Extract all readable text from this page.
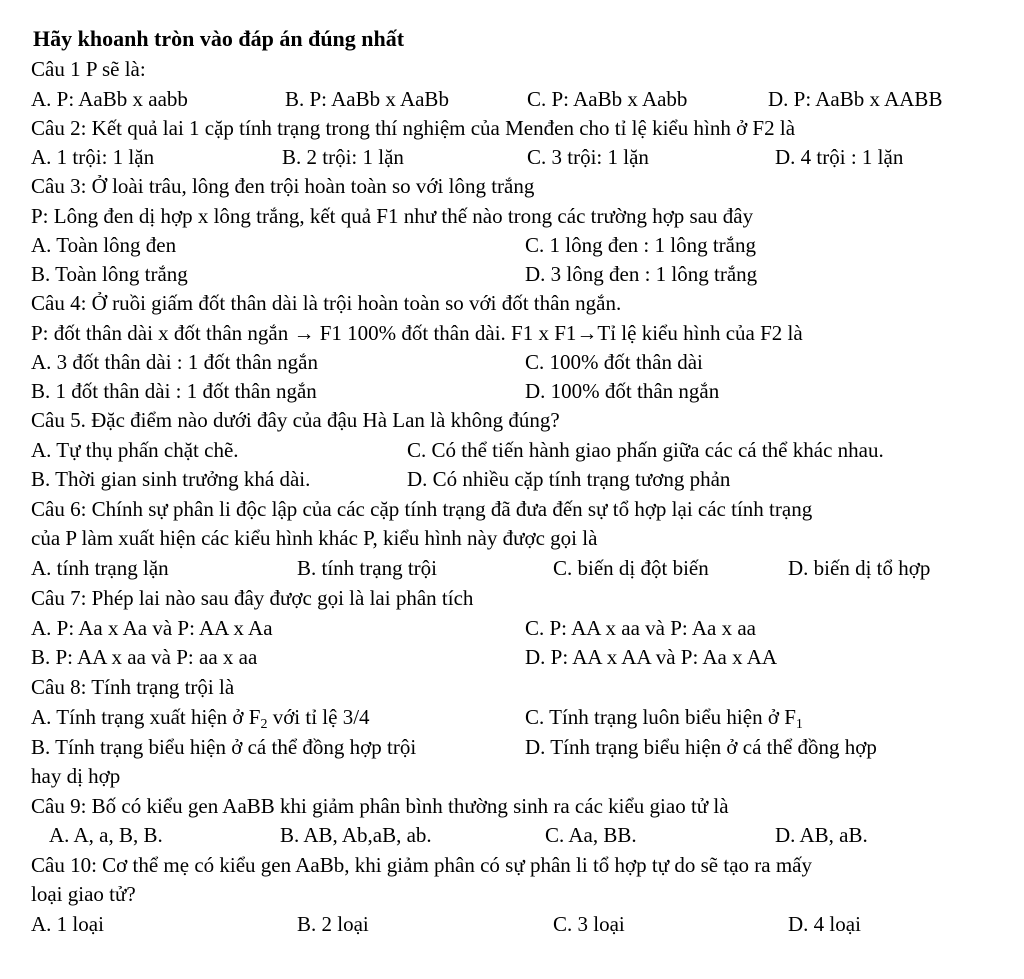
Hãy khoanh tròn vào đáp án đúng nhất
Câu 1 P sẽ là:
A. P: AaBb x aabb	B. P: AaBb x AaBb	C. P: AaBb x Aabb	D. P: AaBb x AABB
Câu 2: Kết quả lai 1 cặp tính trạng trong thí nghiệm của Menđen cho tỉ lệ kiểu hình ở F2 là
A. 1 trội: 1 lặn	B. 2 trội: 1 lặn	C. 3 trội: 1 lặn	D. 4 trội : 1 lặn
Câu 3: Ở loài trâu, lông đen trội hoàn toàn so với lông trắng
P: Lông đen dị hợp x lông trắng, kết quả F1 như thế nào trong các trường hợp sau đây
A. Toàn lông đen	C. 1 lông đen : 1 lông trắng
B. Toàn lông trắng	D. 3 lông đen : 1 lông trắng
Câu 4: Ở ruồi giấm đốt thân dài là trội hoàn toàn so với đốt thân ngắn.
P: đốt thân dài x đốt thân ngắn → F1 100% đốt thân dài. F1 x F1→Tỉ lệ kiểu hình của F2 là
A. 3 đốt thân dài : 1 đốt thân ngắn	C. 100% đốt thân dài
B. 1 đốt thân dài : 1 đốt thân ngắn	D. 100% đốt thân ngắn
Câu 5. Đặc điểm nào dưới đây của đậu Hà Lan là không đúng?
A. Tự thụ phấn chặt chẽ.	C. Có thể tiến hành giao phấn giữa các cá thể khác nhau.
B. Thời gian sinh trưởng khá dài.	D. Có nhiều cặp tính trạng tương phản
Câu 6: Chính sự phân li độc lập của các cặp tính trạng đã đưa đến sự tổ hợp lại các tính trạng
của P làm xuất hiện các kiểu hình khác P, kiểu hình này được gọi là
A. tính trạng lặn	B. tính trạng trội	C. biến dị đột biến	D. biến dị tổ hợp
Câu 7: Phép lai nào sau đây được gọi là lai phân tích
A. P: Aa x Aa và P: AA x Aa	C. P: AA x aa và P: Aa x aa
B. P: AA x aa và P: aa x aa	D. P: AA x AA và P: Aa x AA
Câu 8: Tính trạng trội là
A. Tính trạng xuất hiện ở $F_2$ với tỉ lệ 3/4	C. Tính trạng luôn biểu hiện ở $F_1$
B. Tính trạng biểu hiện ở cá thể đồng hợp trội	D. Tính trạng biểu hiện ở cá thể đồng hợp
hay dị hợp
Câu 9: Bố có kiểu gen AaBB khi giảm phân bình thường sinh ra các kiểu giao tử là
A. A, a, B, B.	B. AB, Ab,aB, ab.	C. Aa, BB.	D. AB, aB.
Câu 10: Cơ thể mẹ có kiểu gen AaBb, khi giảm phân có sự phân li tổ hợp tự do sẽ tạo ra mấy
loại giao tử?
A. 1 loại	B. 2 loại	C. 3 loại	D. 4 loại
